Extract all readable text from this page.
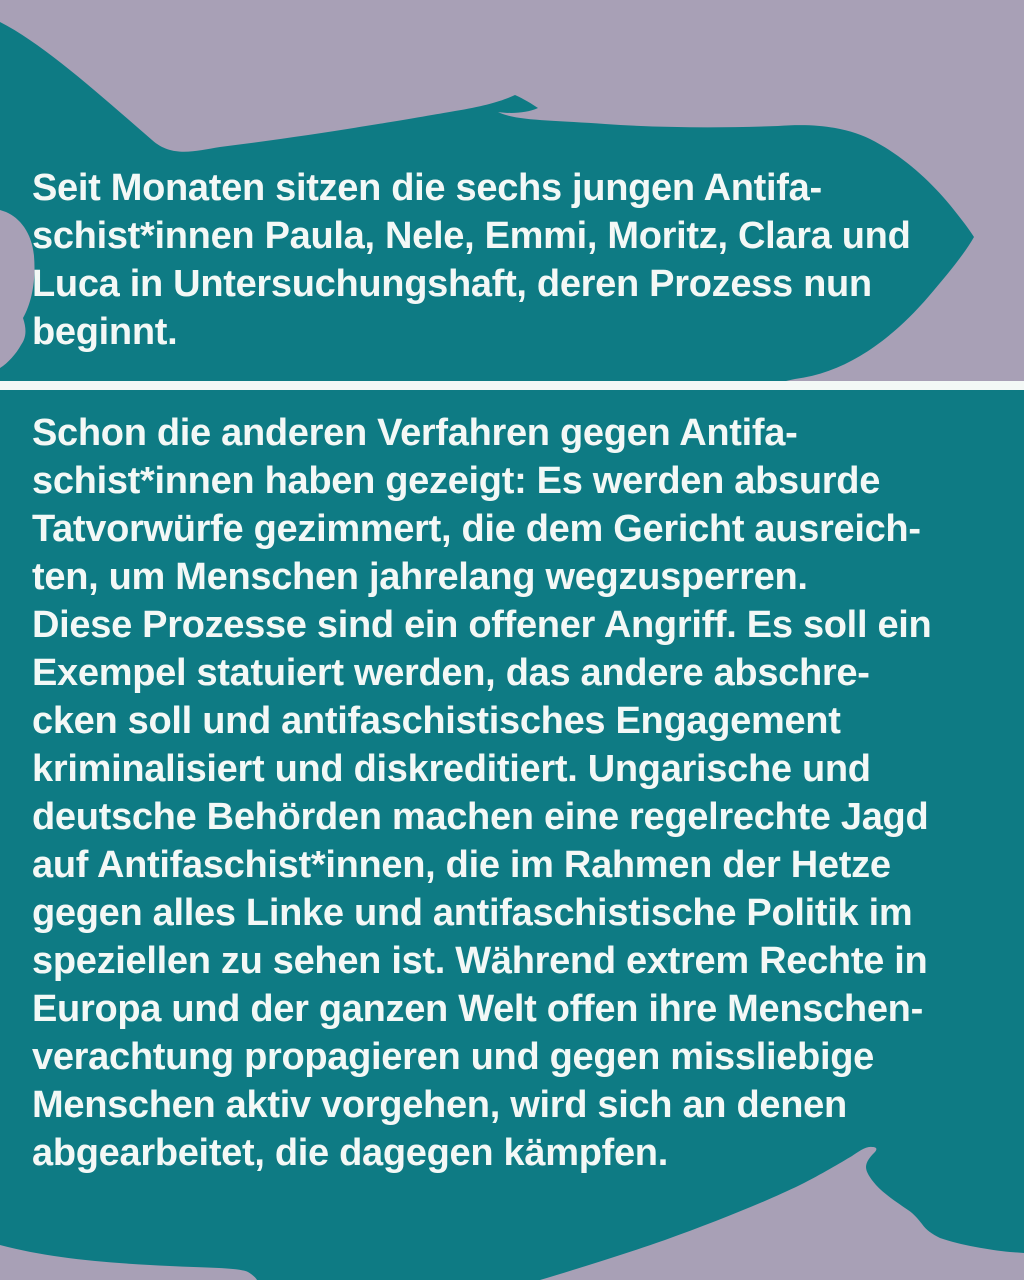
Seit Monaten sitzen die sechs jungen Antifa-
schist*innen Paula, Nele, Emmi, Moritz, Clara und
Luca in Untersuchungshaft, deren Prozess nun
beginnt.
Schon die anderen Verfahren gegen Antifa-
schist*innen haben gezeigt: Es werden absurde
Tatvorwürfe gezimmert, die dem Gericht ausreich-
ten, um Menschen jahrelang wegzusperren.
Diese Prozesse sind ein offener Angriff. Es soll ein
Exempel statuiert werden, das andere abschre-
cken soll und antifaschistisches Engagement
kriminalisiert und diskreditiert. Ungarische und
deutsche Behörden machen eine regelrechte Jagd
auf Antifaschist*innen, die im Rahmen der Hetze
gegen alles Linke und antifaschistische Politik im
speziellen zu sehen ist. Während extrem Rechte in
Europa und der ganzen Welt offen ihre Menschen-
verachtung propagieren und gegen missliebige
Menschen aktiv vorgehen, wird sich an denen
abgearbeitet, die dagegen kämpfen.
